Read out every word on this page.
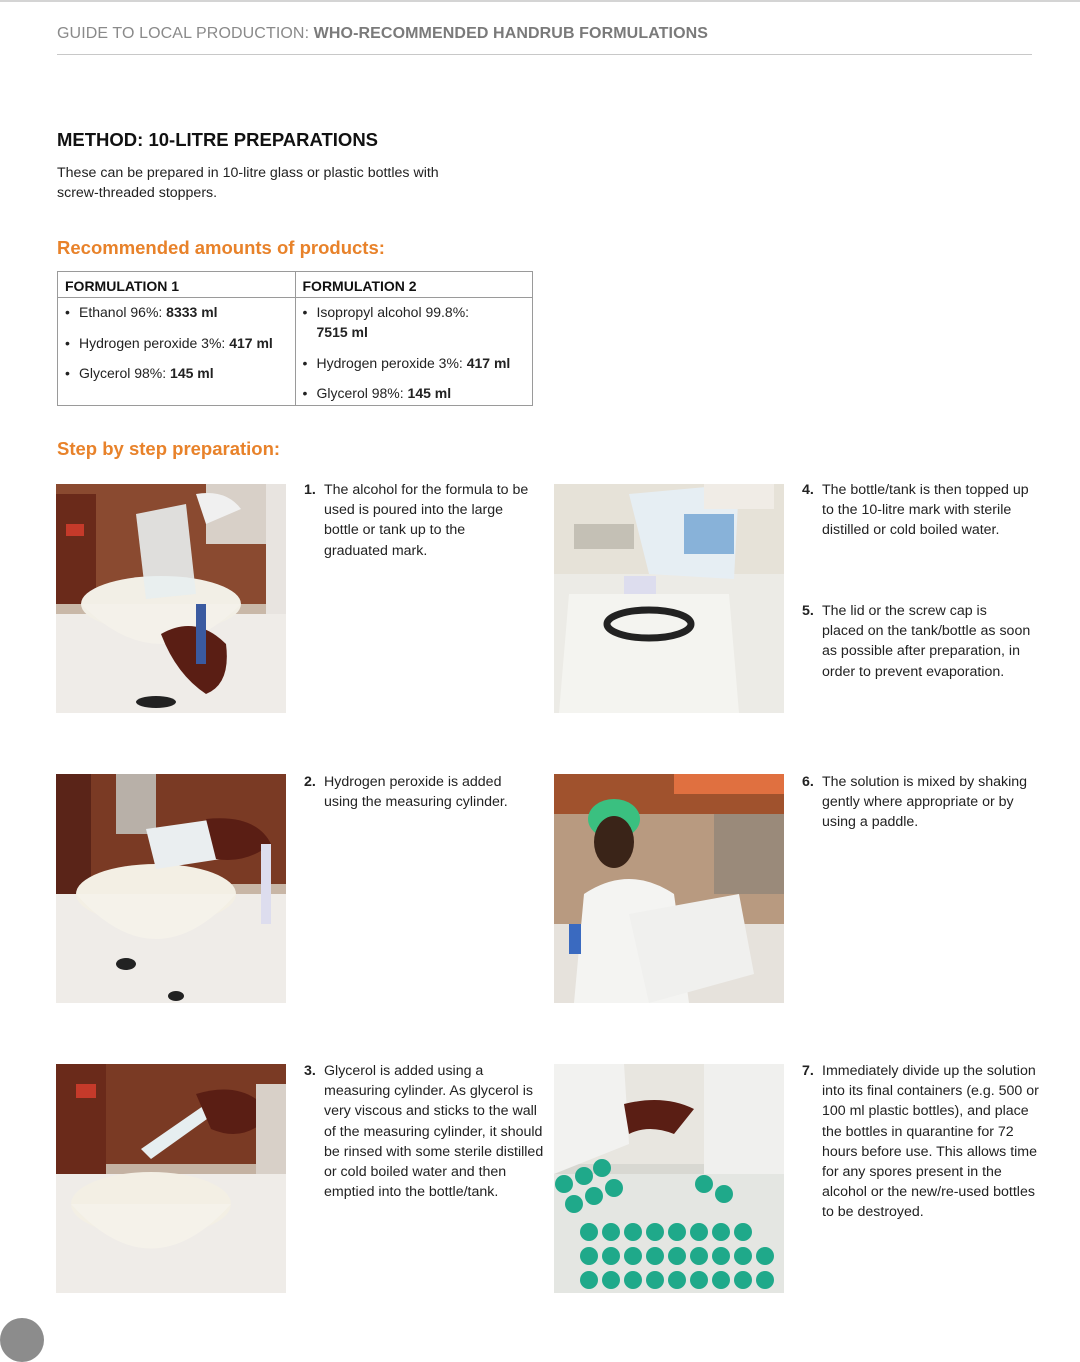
GUIDE TO LOCAL PRODUCTION: WHO-RECOMMENDED HANDRUB FORMULATIONS
METHOD: 10-LITRE PREPARATIONS
These can be prepared in 10-litre glass or plastic bottles with screw-threaded stoppers.
Recommended amounts of products:
FORMULATION 1
• Ethanol 96%: 8333 ml
• Hydrogen peroxide 3%: 417 ml
• Glycerol 98%: 145 ml
FORMULATION 2
• Isopropyl alcohol 99.8%:
7515 ml
• Hydrogen peroxide 3%: 417 ml
• Glycerol 98%: 145 ml
Step by step preparation:
1. The alcohol for the formula to be used is poured into the large bottle or tank up to the graduated mark.
4. The bottle/tank is then topped up to the 10-litre mark with sterile distilled or cold boiled water.
5. The lid or the screw cap is placed on the tank/bottle as soon as possible after preparation, in order to prevent evaporation.
2. Hydrogen peroxide is added using the measuring cylinder.
6. The solution is mixed by shaking gently where appropriate or by using a paddle.
3. Glycerol is added using a measuring cylinder. As glycerol is very viscous and sticks to the wall of the measuring cylinder, it should be rinsed with some sterile distilled or cold boiled water and then emptied into the bottle/tank.
7. Immediately divide up the solution into its final containers (e.g. 500 or 100 ml plastic bottles), and place the bottles in quarantine for 72 hours before use. This allows time for any spores present in the alcohol or the new/re-used bottles to be destroyed.
